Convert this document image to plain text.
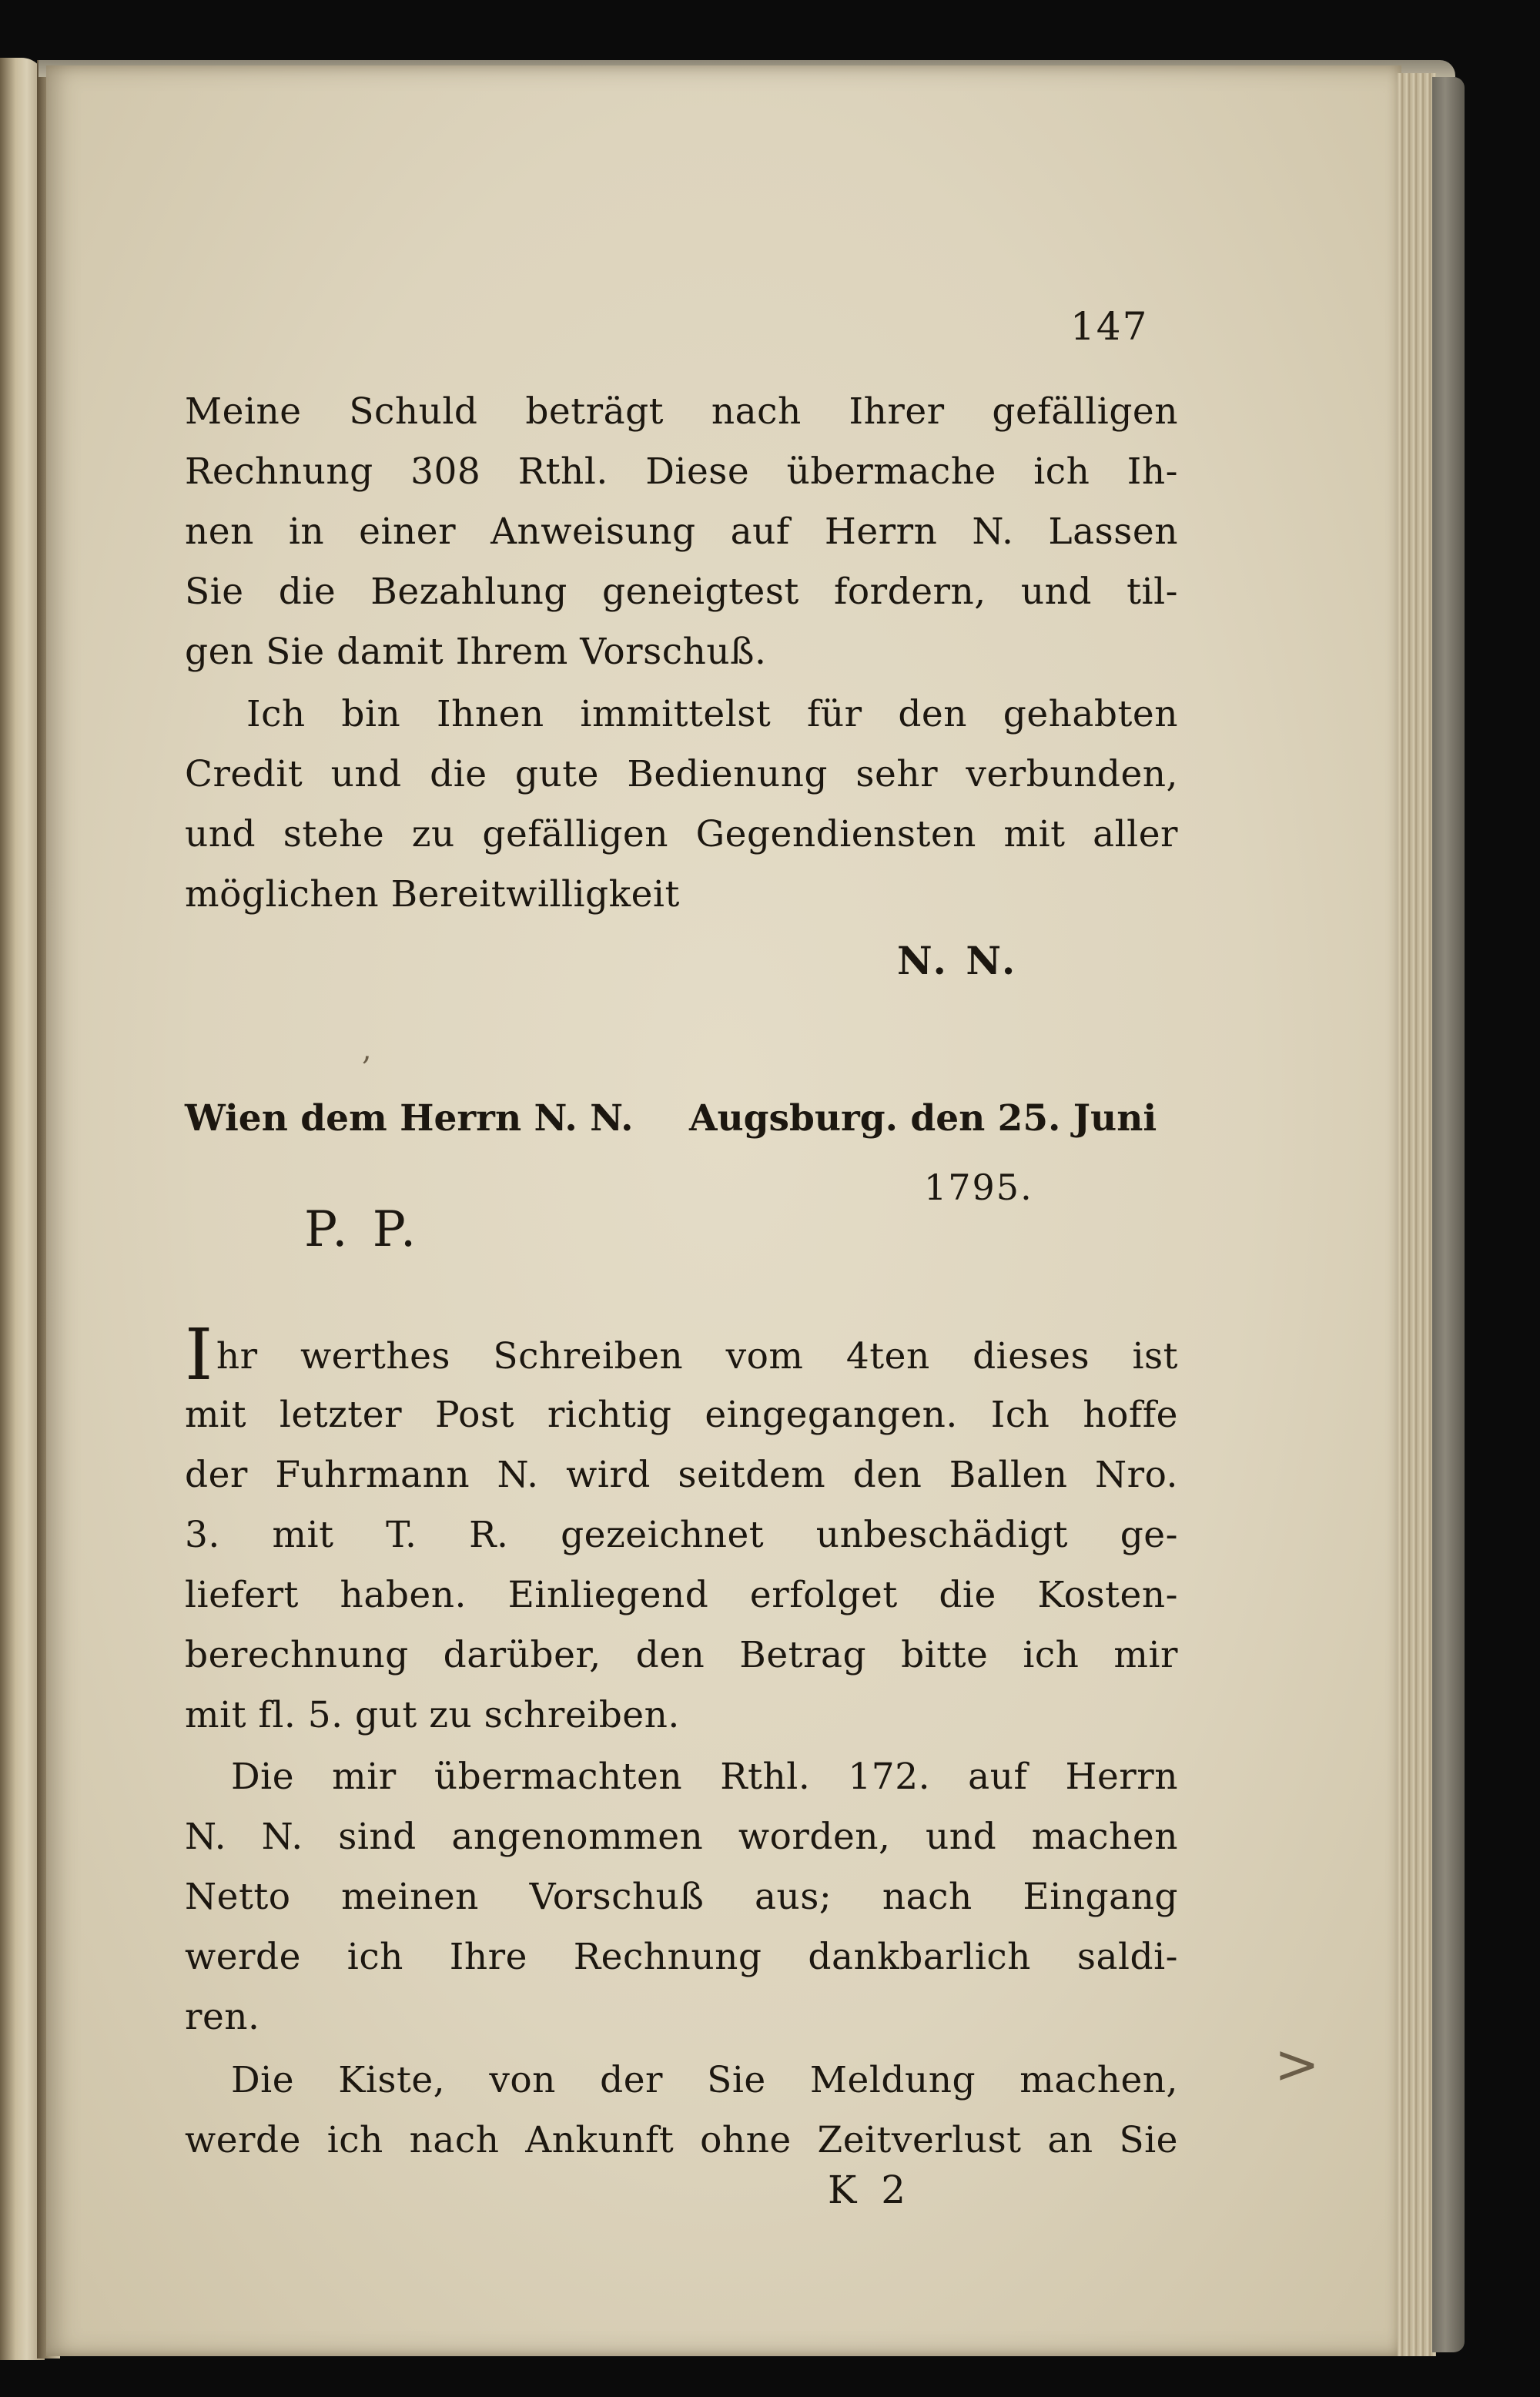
147
Meine Schuld beträgt nach Ihrer gefälligen
Rechnung 308 Rthl. Diese übermache ich Ih-
nen in einer Anweisung auf Herrn N. Lassen
Sie die Bezahlung geneigtest fordern, und til-
gen Sie damit Ihrem Vorschuß.
Ich bin Ihnen immittelst für den gehabten
Credit und die gute Bedienung sehr verbunden,
und stehe zu gefälligen Gegendiensten mit aller
möglichen Bereitwilligkeit
N. N.
Wien dem Herrn N. N. Augsburg. den 25. Juni
1795.
P. P.
Ihr werthes Schreiben vom 4ten dieses ist
mit letzter Post richtig eingegangen. Ich hoffe
der Fuhrmann N. wird seitdem den Ballen Nro.
3. mit T. R. gezeichnet unbeschädigt ge-
liefert haben. Einliegend erfolget die Kosten-
berechnung darüber, den Betrag bitte ich mir
mit fl. 5. gut zu schreiben.
Die mir übermachten Rthl. 172. auf Herrn
N. N. sind angenommen worden, und machen
Netto meinen Vorschuß aus; nach Eingang
werde ich Ihre Rechnung dankbarlich saldi-
ren.
Die Kiste, von der Sie Meldung machen,
werde ich nach Ankunft ohne Zeitverlust an Sie
K 2
,
>
